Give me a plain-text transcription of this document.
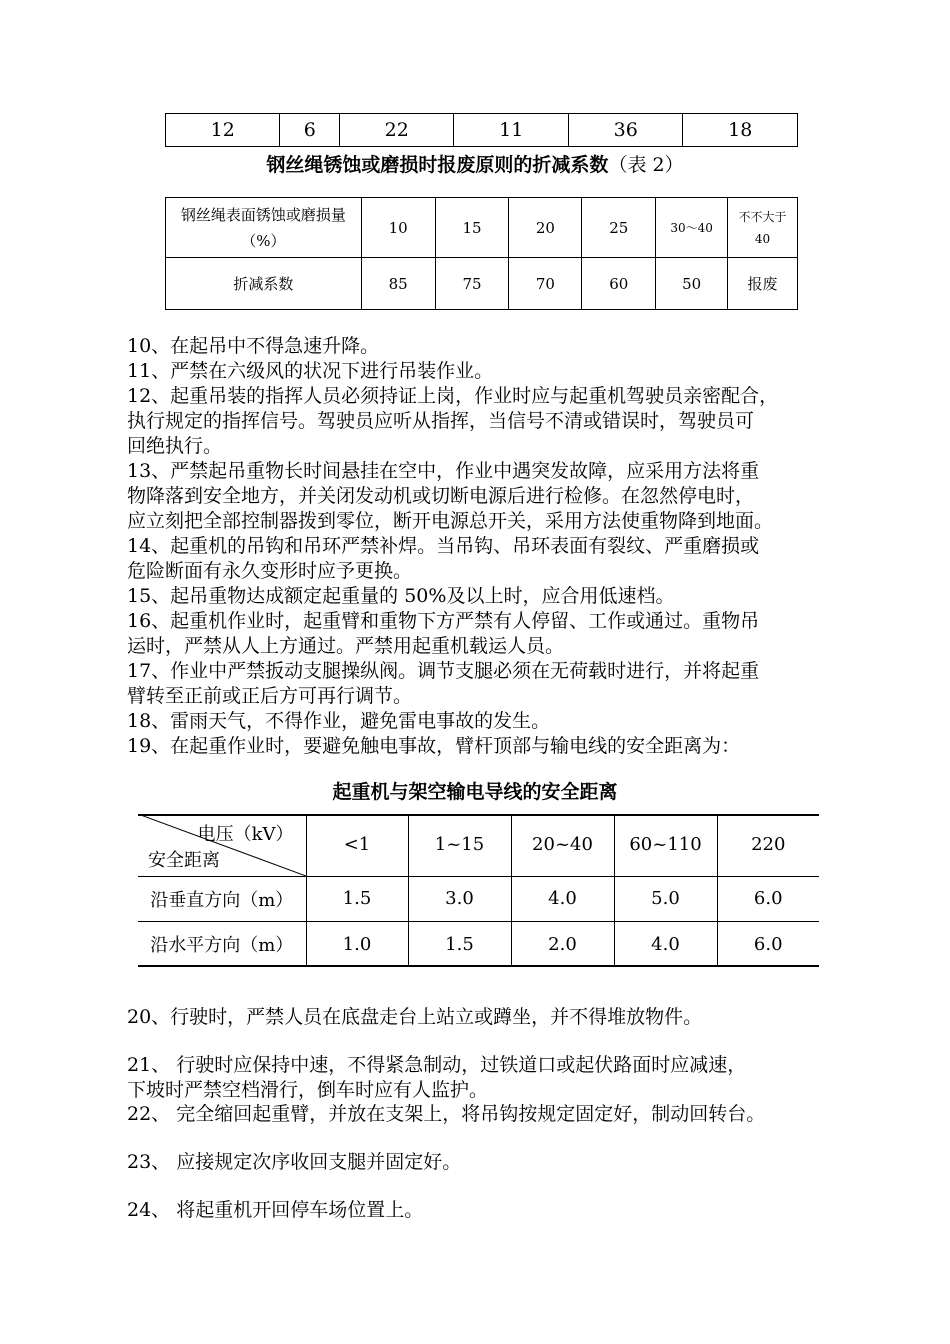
12	6	22	11	36	18
钢丝绳锈蚀或磨损时报废原则的折减系数（表 2）
钢丝绳表面锈蚀或磨损量（%）	10	15	20	25	30～40	不不大于 40
折减系数	85	75	70	60	50	报废

10、在起吊中不得急速升降。

11、严禁在六级风的状况下进行吊装作业。

12、起重吊装的指挥人员必须持证上岗，作业时应与起重机驾驶员亲密配合，

执行规定的指挥信号。驾驶员应听从指挥，当信号不清或错误时，驾驶员可

回绝执行。

13、严禁起吊重物长时间悬挂在空中，作业中遇突发故障，应采用方法将重

物降落到安全地方，并关闭发动机或切断电源后进行检修。在忽然停电时，

应立刻把全部控制器拨到零位，断开电源总开关，采用方法使重物降到地面。

14、起重机的吊钩和吊环严禁补焊。当吊钩、吊环表面有裂纹、严重磨损或

危险断面有永久变形时应予更换。

15、起吊重物达成额定起重量的 50%及以上时，应合用低速档。

16、起重机作业时，起重臂和重物下方严禁有人停留、工作或通过。重物吊

运时，严禁从人上方通过。严禁用起重机载运人员。

17、作业中严禁扳动支腿操纵阀。调节支腿必须在无荷载时进行，并将起重

臂转至正前或正后方可再行调节。

18、雷雨天气，不得作业，避免雷电事故的发生。

19、在起重作业时，要避免触电事故，臂杆顶部与输电线的安全距离为：

起重机与架空输电导线的安全距离
电压（kV）
安全距离	<1	1~15	20~40	60~110	220
沿垂直方向（m）	1.5	3.0	4.0	5.0	6.0
沿水平方向（m）	1.0	1.5	2.0	4.0	6.0

20、行驶时，严禁人员在底盘走台上站立或蹲坐，并不得堆放物件。

21、 行驶时应保持中速，不得紧急制动，过铁道口或起伏路面时应减速，

下坡时严禁空档滑行，倒车时应有人监护。

22、 完全缩回起重臂，并放在支架上，将吊钩按规定固定好，制动回转台。

23、 应接规定次序收回支腿并固定好。

24、 将起重机开回停车场位置上。
